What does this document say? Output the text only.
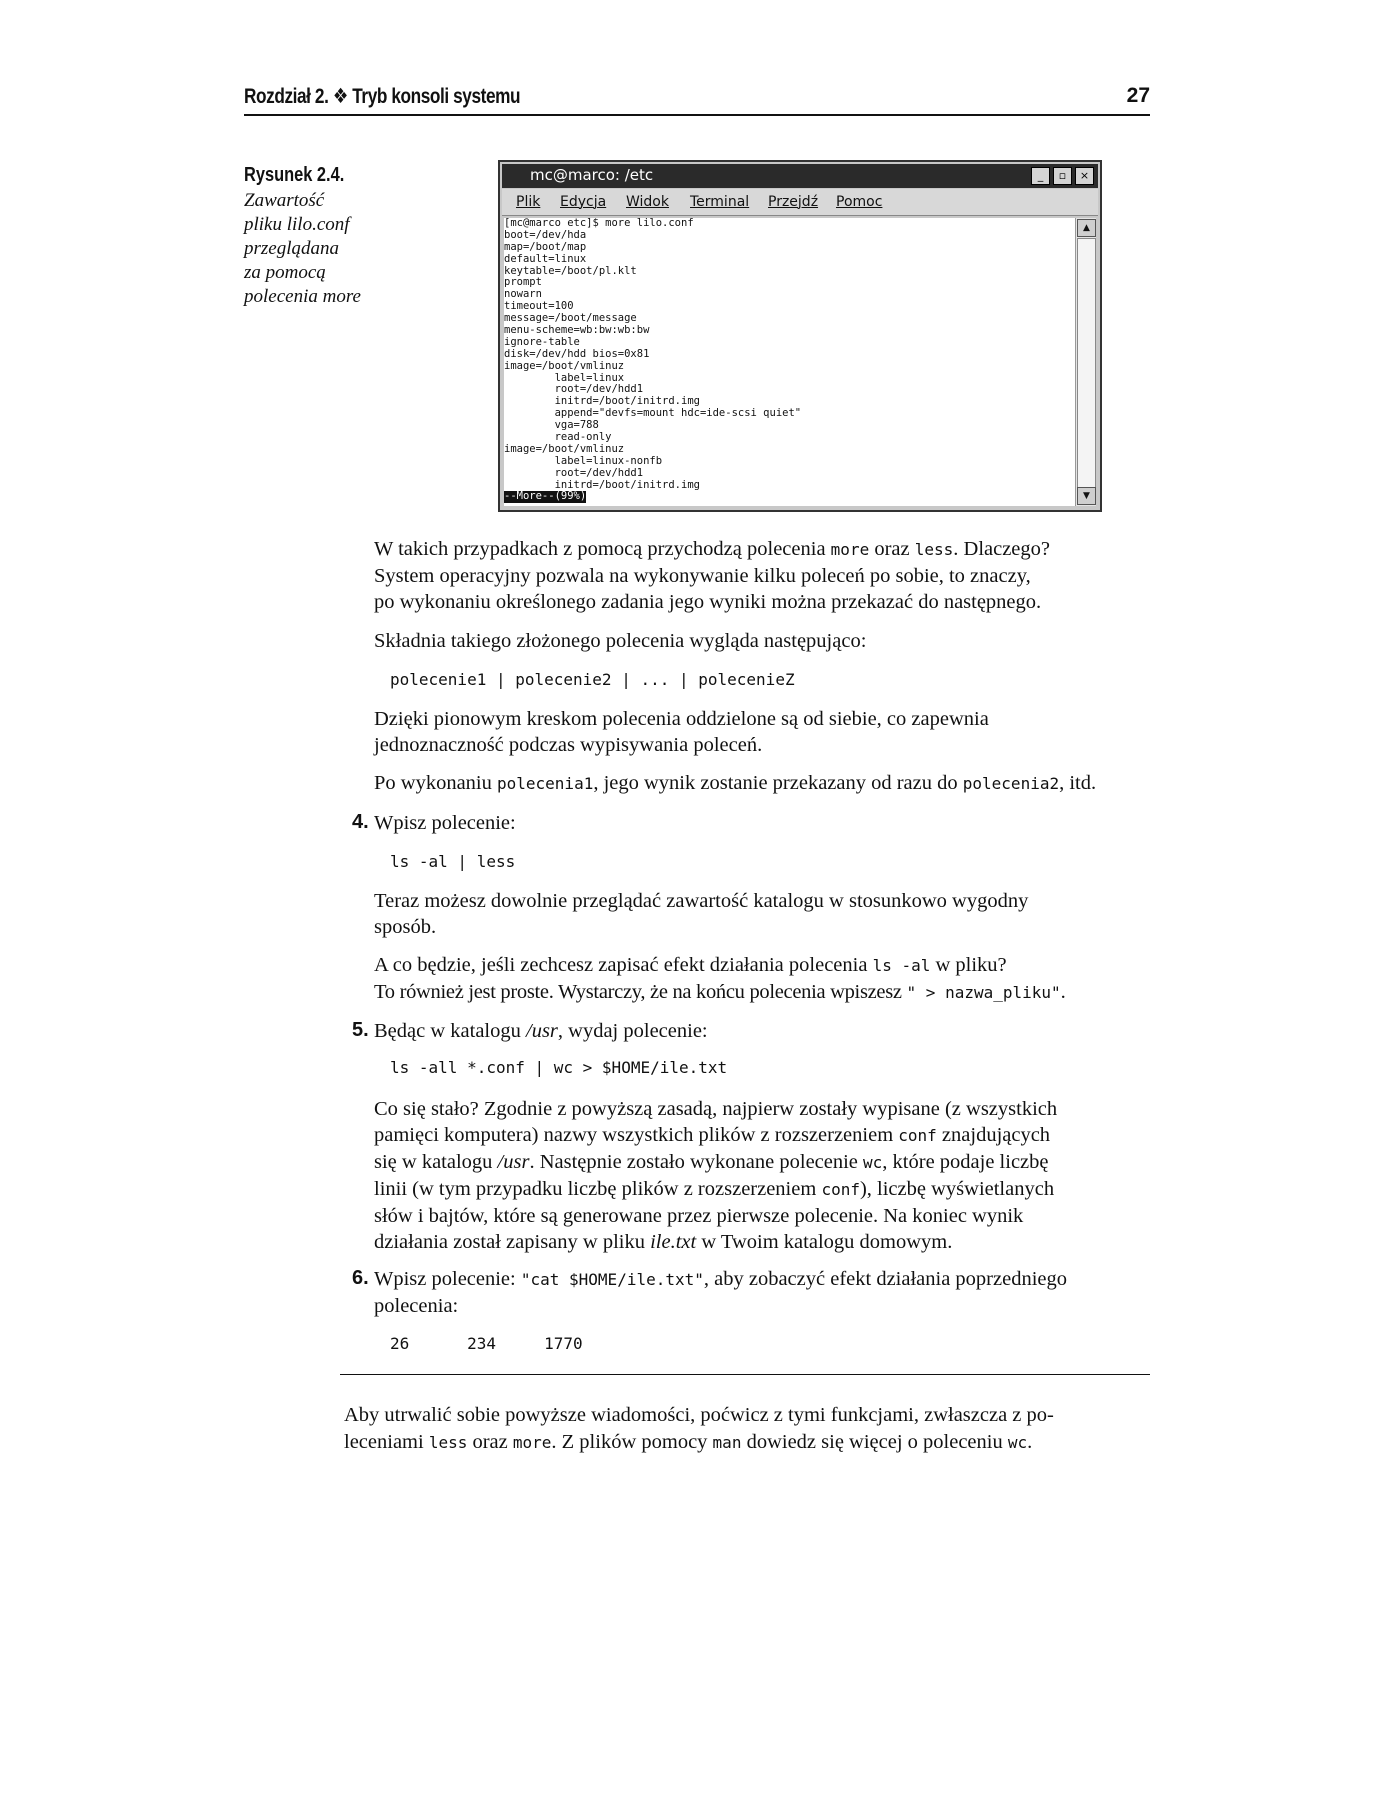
Rozdział 2. ❖ Tryb konsoli systemu	27
Rysunek 2.4.
Zawartość
pliku lilo.conf
przeglądana
za pomocą
polecenia more
mc@marco: /etc	_	▫	×
Plik Edycja Widok Terminal Przejdź Pomoc
[mc@marco etc]$ more lilo.conf
boot=/dev/hda
map=/boot/map
default=linux
keytable=/boot/pl.klt
prompt
nowarn
timeout=100
message=/boot/message
menu-scheme=wb:bw:wb:bw
ignore-table
disk=/dev/hdd bios=0x81
image=/boot/vmlinuz
label=linux
root=/dev/hdd1
initrd=/boot/initrd.img
append="devfs=mount hdc=ide-scsi quiet"
vga=788
read-only
image=/boot/vmlinuz
label=linux-nonfb
root=/dev/hdd1
initrd=/boot/initrd.img
--More--(99%)
▲
▼
W takich przypadkach z pomocą przychodzą polecenia more oraz less. Dlaczego?
System operacyjny pozwala na wykonywanie kilku poleceń po sobie, to znaczy,
po wykonaniu określonego zadania jego wyniki można przekazać do następnego.
Składnia takiego złożonego polecenia wygląda następująco:
polecenie1 | polecenie2 | ... | polecenieZ
Dzięki pionowym kreskom polecenia oddzielone są od siebie, co zapewnia
jednoznaczność podczas wypisywania poleceń.
Po wykonaniu polecenia1, jego wynik zostanie przekazany od razu do polecenia2, itd.
4. Wpisz polecenie:
ls -al | less
Teraz możesz dowolnie przeglądać zawartość katalogu w stosunkowo wygodny
sposób.
A co będzie, jeśli zechcesz zapisać efekt działania polecenia ls -al w pliku?
To również jest proste. Wystarczy, że na końcu polecenia wpiszesz " > nazwa_pliku".
5. Będąc w katalogu /usr, wydaj polecenie:
ls -all *.conf | wc > $HOME/ile.txt
Co się stało? Zgodnie z powyższą zasadą, najpierw zostały wypisane (z wszystkich
pamięci komputera) nazwy wszystkich plików z rozszerzeniem conf znajdujących
się w katalogu /usr. Następnie zostało wykonane polecenie wc, które podaje liczbę
linii (w tym przypadku liczbę plików z rozszerzeniem conf), liczbę wyświetlanych
słów i bajtów, które są generowane przez pierwsze polecenie. Na koniec wynik
działania został zapisany w pliku ile.txt w Twoim katalogu domowym.
6. Wpisz polecenie: "cat $HOME/ile.txt", aby zobaczyć efekt działania poprzedniego
polecenia:
26      234     1770
Aby utrwalić sobie powyższe wiadomości, poćwicz z tymi funkcjami, zwłaszcza z po-
leceniami less oraz more. Z plików pomocy man dowiedz się więcej o poleceniu wc.
